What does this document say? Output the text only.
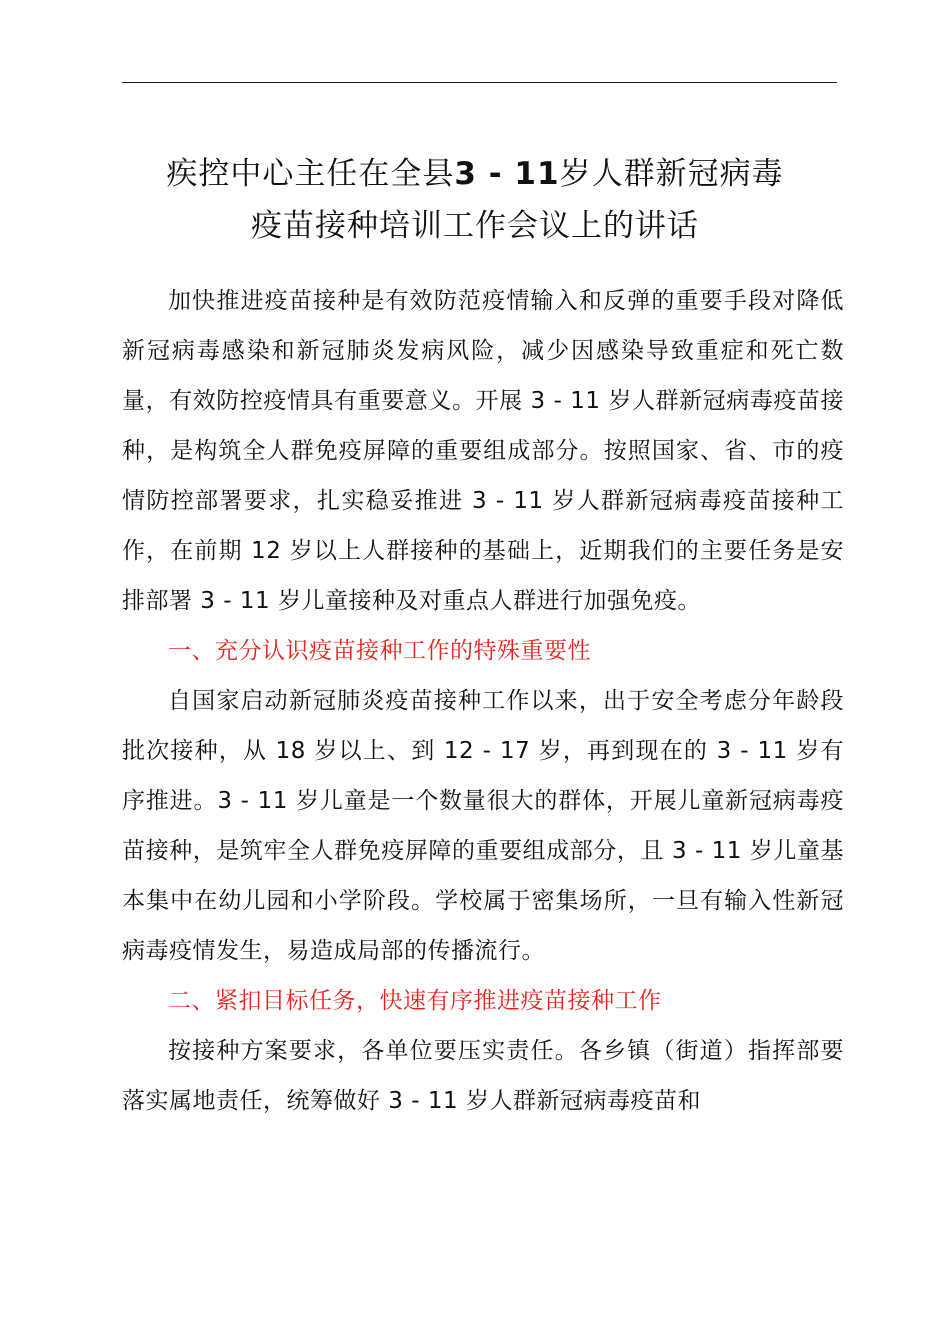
疾控中心主任在全县3 - 11岁人群新冠病毒
疫苗接种培训工作会议上的讲话

加快推进疫苗接种是有效防范疫情输入和反弹的重要手段对降低新冠病毒感染和新冠肺炎发病风险，减少因感染导致重症和死亡数量，有效防控疫情具有重要意义。开展 3 - 11 岁人群新冠病毒疫苗接种，是构筑全人群免疫屏障的重要组成部分。按照国家、省、市的疫情防控部署要求，扎实稳妥推进 3 - 11 岁人群新冠病毒疫苗接种工作，在前期 12 岁以上人群接种的基础上，近期我们的主要任务是安排部署 3 - 11 岁儿童接种及对重点人群进行加强免疫。

一、充分认识疫苗接种工作的特殊重要性

自国家启动新冠肺炎疫苗接种工作以来，出于安全考虑分年龄段批次接种，从 18 岁以上、到 12 - 17 岁，再到现在的 3 - 11 岁有序推进。3 - 11 岁儿童是一个数量很大的群体，开展儿童新冠病毒疫苗接种，是筑牢全人群免疫屏障的重要组成部分，且 3 - 11 岁儿童基本集中在幼儿园和小学阶段。学校属于密集场所，一旦有输入性新冠病毒疫情发生，易造成局部的传播流行。

二、紧扣目标任务，快速有序推进疫苗接种工作

按接种方案要求，各单位要压实责任。各乡镇（街道）指挥部要落实属地责任，统筹做好 3 - 11 岁人群新冠病毒疫苗和
